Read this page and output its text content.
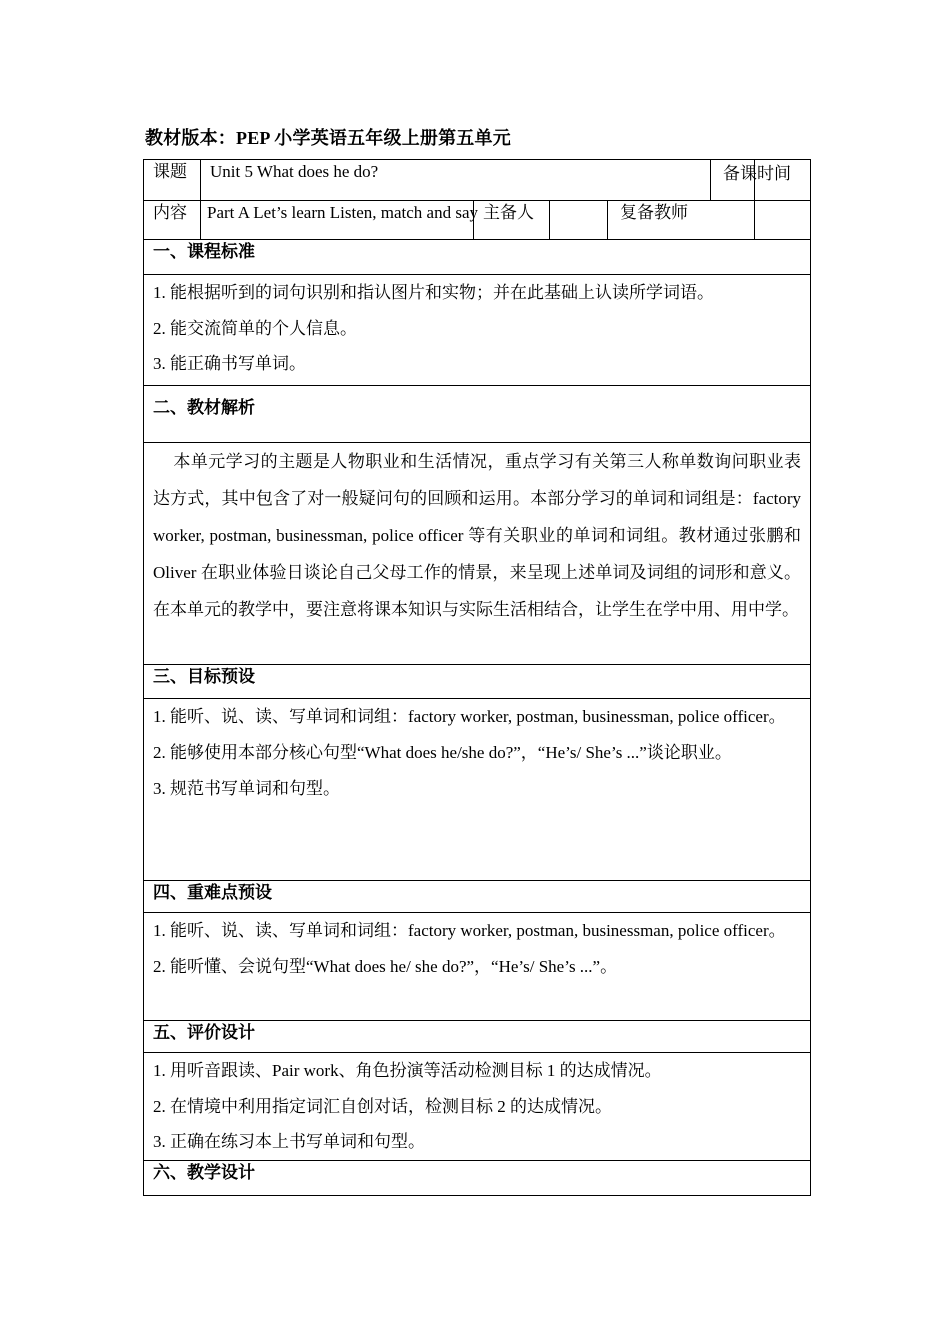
教材版本：PEP 小学英语五年级上册第五单元
课题	Unit 5 What does he do?				备课时间	
内容	Part A Let’s learn Listen, match and say	主备人		复备教师		
一、课程标准						

1. 能根据听到的词句识别和指认图片和实物；并在此基础上认读所学词语。

2. 能交流简单的个人信息。

3. 能正确书写单词。						

二、教材解析						

本单元学习的主题是人物职业和生活情况，重点学习有关第三人称单数询问职业表达方式，其中包含了对一般疑问句的回顾和运用。本部分学习的单词和词组是：factory worker, postman, businessman, police officer 等有关职业的单词和词组。教材通过张鹏和 Oliver 在职业体验日谈论自己父母工作的情景，来呈现上述单词及词组的词形和意义。在本单元的教学中，要注意将课本知识与实际生活相结合，让学生在学中用、用中学。						

三、目标预设						

1. 能听、说、读、写单词和词组：factory worker, postman, businessman, police officer。

2. 能够使用本部分核心句型“What does he/she do?”，“He’s/ She’s ...”谈论职业。

3. 规范书写单词和句型。						

四、重难点预设						

1. 能听、说、读、写单词和词组：factory worker, postman, businessman, police officer。

2. 能听懂、会说句型“What does he/ she do?”，“He’s/ She’s ...”。						

五、评价设计						

1. 用听音跟读、Pair work、角色扮演等活动检测目标 1 的达成情况。

2. 在情境中利用指定词汇自创对话，检测目标 2 的达成情况。

3. 正确在练习本上书写单词和句型。						

六、教学设计						
